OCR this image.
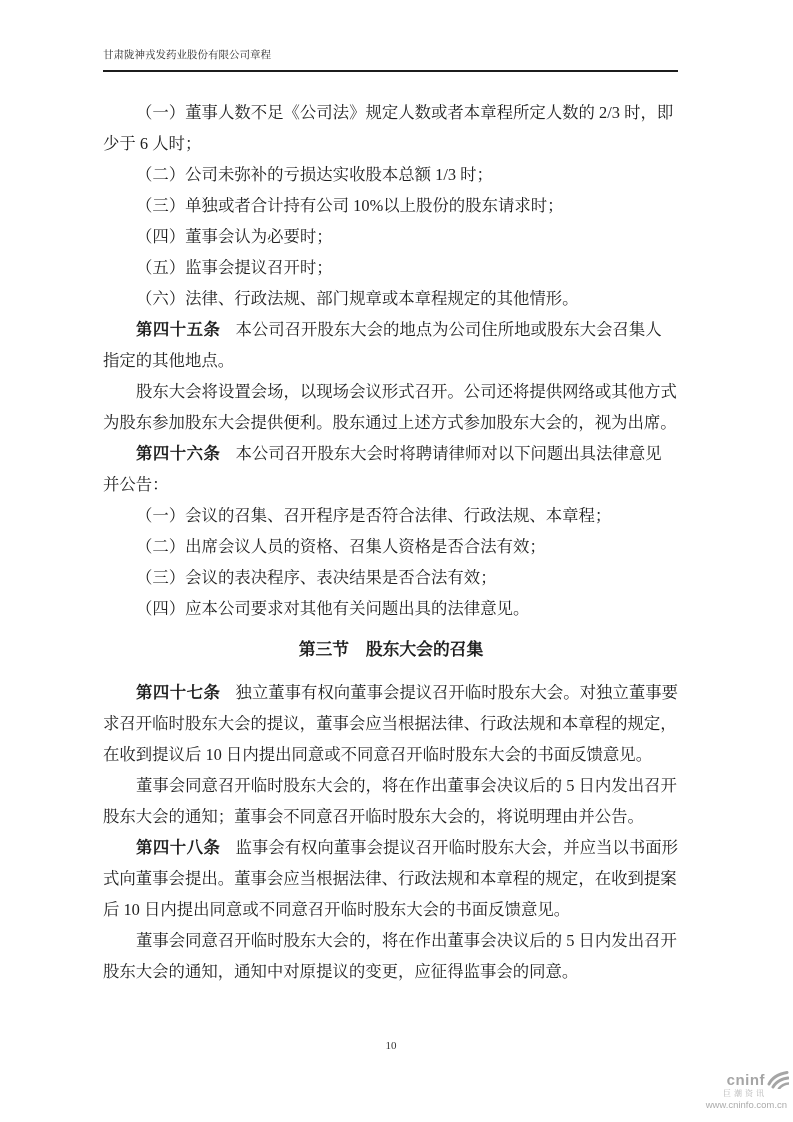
甘肃陇神戎发药业股份有限公司章程
（一）董事人数不足《公司法》规定人数或者本章程所定人数的 2/3 时，即
少于 6 人时；
（二）公司未弥补的亏损达实收股本总额 1/3 时；
（三）单独或者合计持有公司 10%以上股份的股东请求时；
（四）董事会认为必要时；
（五）监事会提议召开时；
（六）法律、行政法规、部门规章或本章程规定的其他情形。
第四十五条 本公司召开股东大会的地点为公司住所地或股东大会召集人
指定的其他地点。
股东大会将设置会场，以现场会议形式召开。公司还将提供网络或其他方式
为股东参加股东大会提供便利。股东通过上述方式参加股东大会的，视为出席。
第四十六条 本公司召开股东大会时将聘请律师对以下问题出具法律意见
并公告：
（一）会议的召集、召开程序是否符合法律、行政法规、本章程；
（二）出席会议人员的资格、召集人资格是否合法有效；
（三）会议的表决程序、表决结果是否合法有效；
（四）应本公司要求对其他有关问题出具的法律意见。
第三节　股东大会的召集
第四十七条 独立董事有权向董事会提议召开临时股东大会。对独立董事要
求召开临时股东大会的提议，董事会应当根据法律、行政法规和本章程的规定，
在收到提议后 10 日内提出同意或不同意召开临时股东大会的书面反馈意见。
董事会同意召开临时股东大会的，将在作出董事会决议后的 5 日内发出召开
股东大会的通知；董事会不同意召开临时股东大会的，将说明理由并公告。
第四十八条 监事会有权向董事会提议召开临时股东大会，并应当以书面形
式向董事会提出。董事会应当根据法律、行政法规和本章程的规定，在收到提案
后 10 日内提出同意或不同意召开临时股东大会的书面反馈意见。
董事会同意召开临时股东大会的，将在作出董事会决议后的 5 日内发出召开
股东大会的通知，通知中对原提议的变更，应征得监事会的同意。
10
cninf
巨潮资讯
www.cninfo.com.cn
